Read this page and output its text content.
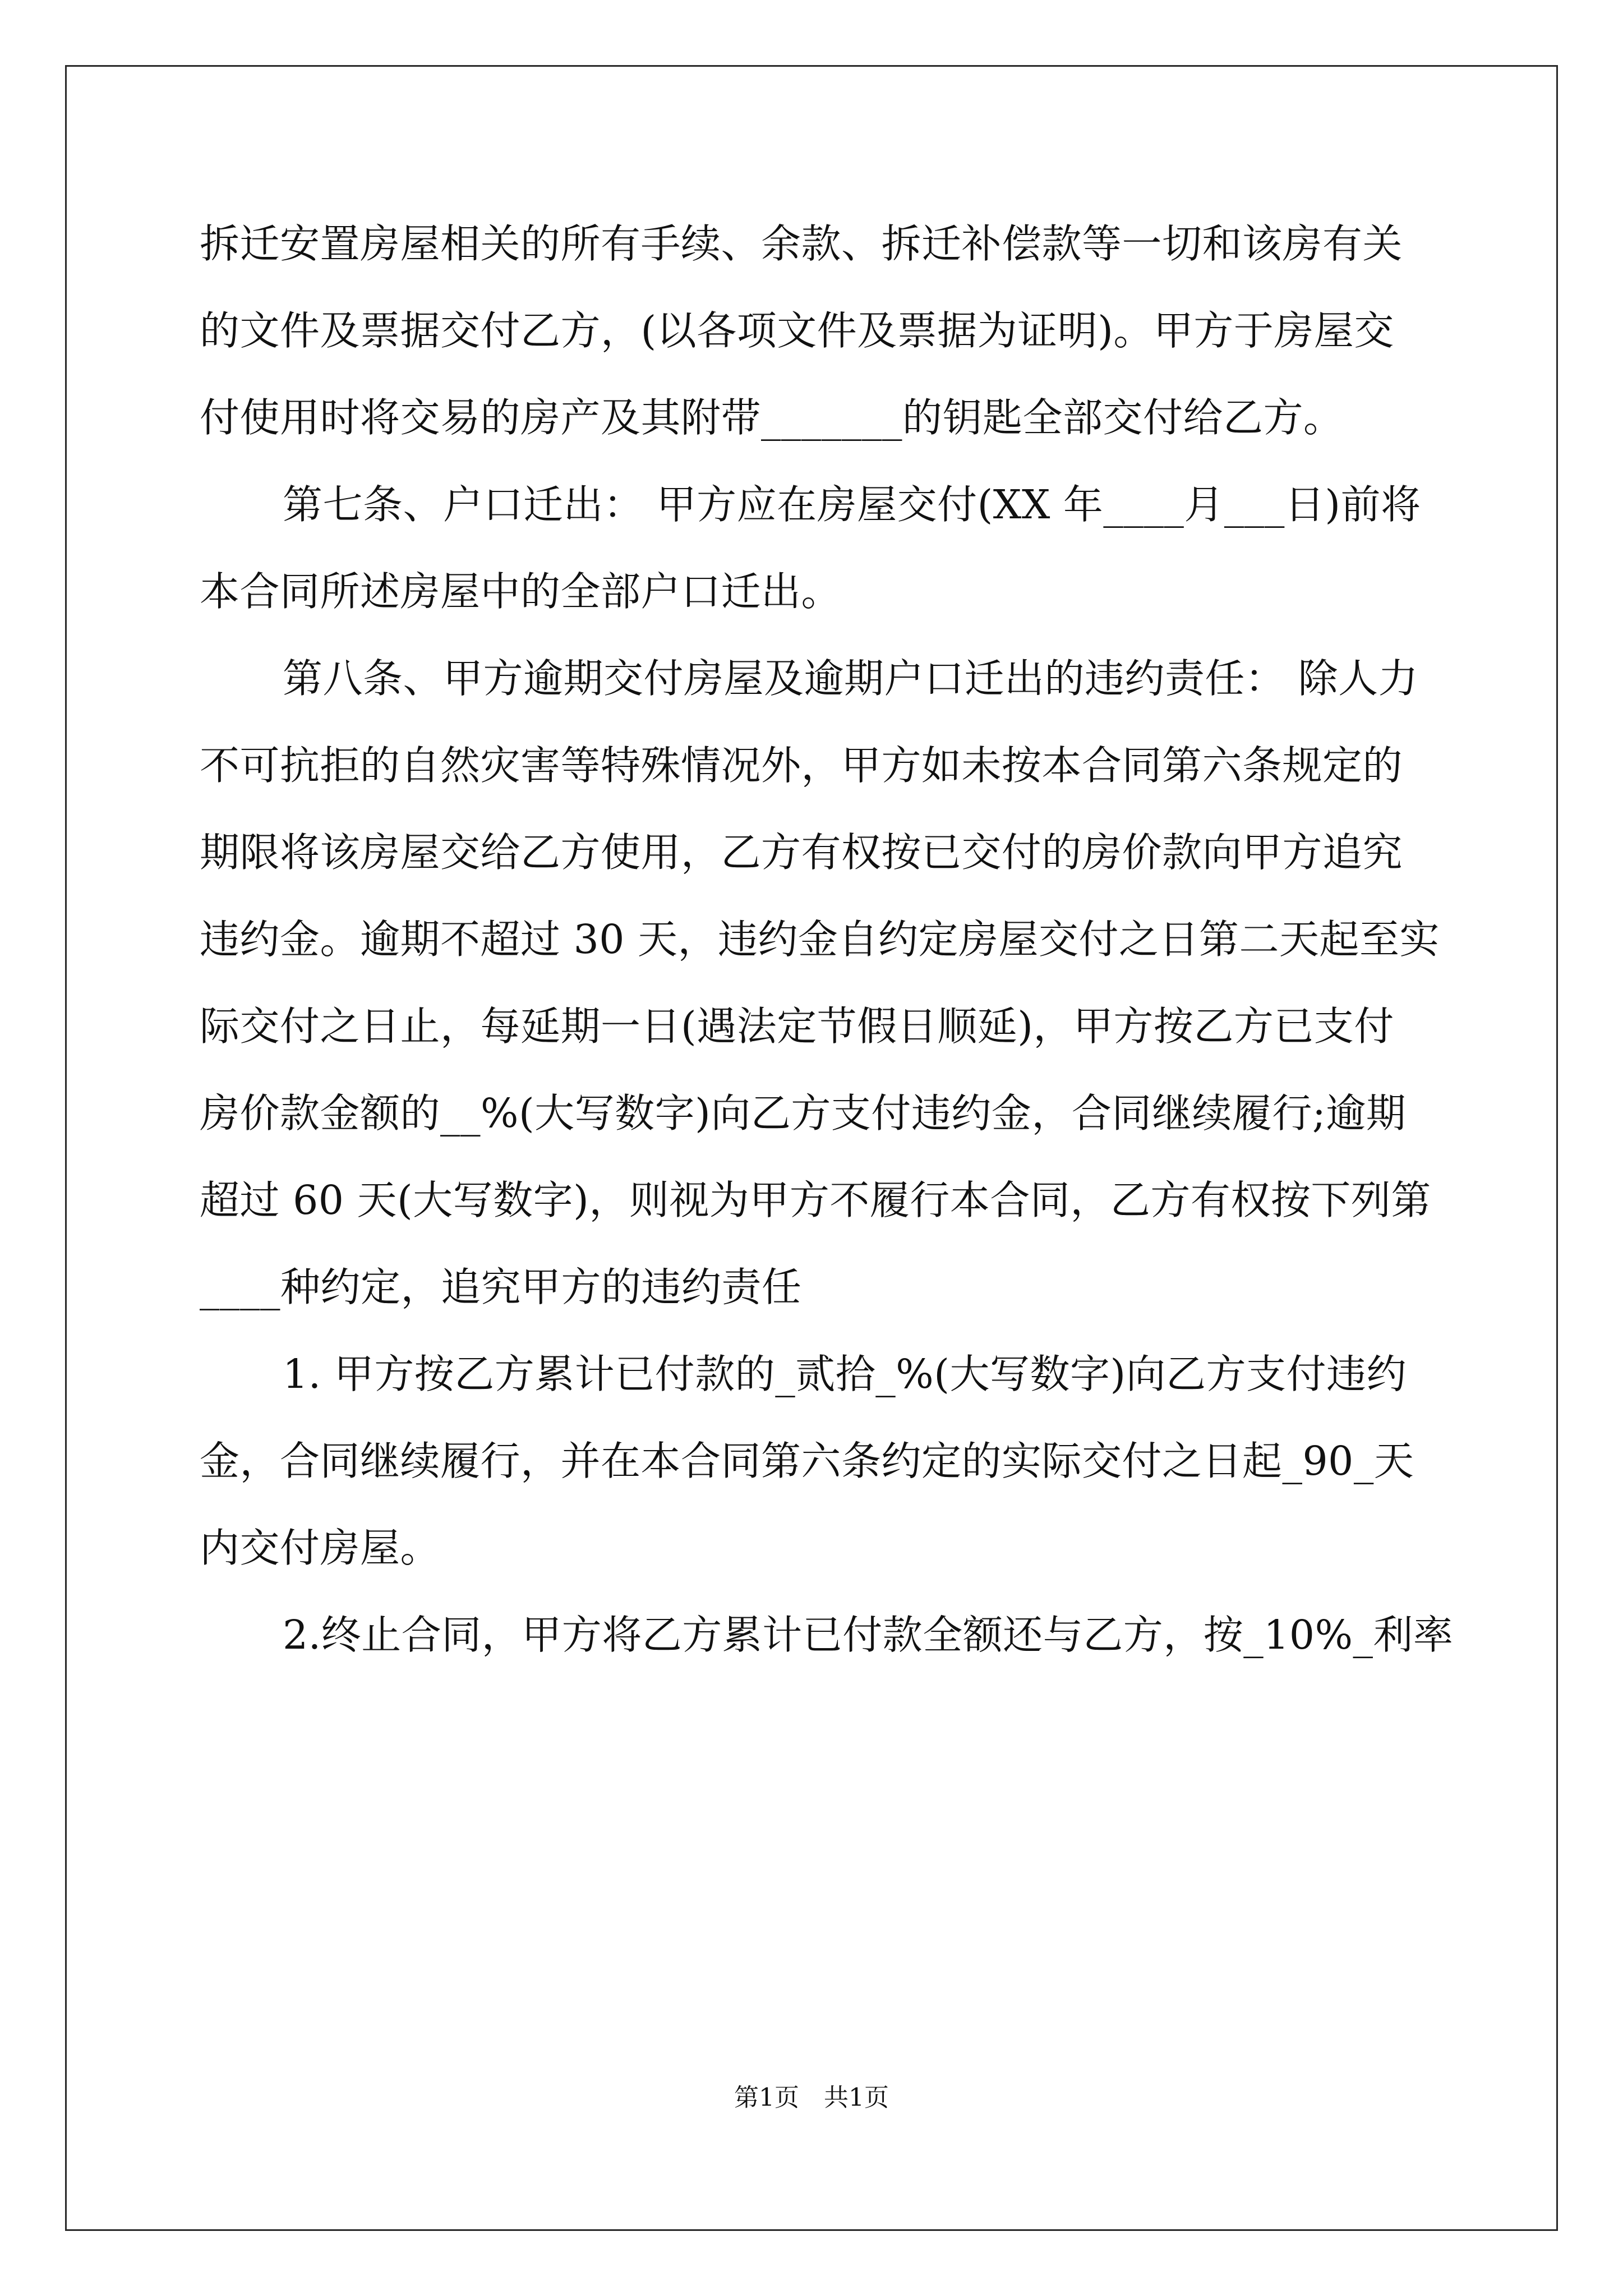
拆迁安置房屋相关的所有手续、余款、拆迁补偿款等一切和该房有关
的文件及票据交付乙方，(以各项文件及票据为证明)。甲方于房屋交
付使用时将交易的房产及其附带_______的钥匙全部交付给乙方。
第七条、户口迁出： 甲方应在房屋交付(XX 年____月___日)前将
本合同所述房屋中的全部户口迁出。
第八条、甲方逾期交付房屋及逾期户口迁出的违约责任： 除人力
不可抗拒的自然灾害等特殊情况外，甲方如未按本合同第六条规定的
期限将该房屋交给乙方使用，乙方有权按已交付的房价款向甲方追究
违约金。逾期不超过 30 天，违约金自约定房屋交付之日第二天起至实
际交付之日止，每延期一日(遇法定节假日顺延)，甲方按乙方已支付
房价款金额的__%(大写数字)向乙方支付违约金，合同继续履行;逾期
超过 60 天(大写数字)，则视为甲方不履行本合同，乙方有权按下列第
____种约定，追究甲方的违约责任
1. 甲方按乙方累计已付款的_贰拾_%(大写数字)向乙方支付违约
金，合同继续履行，并在本合同第六条约定的实际交付之日起_90_天
内交付房屋。
2.终止合同，甲方将乙方累计已付款全额还与乙方，按_10%_利率
第1页　共1页
